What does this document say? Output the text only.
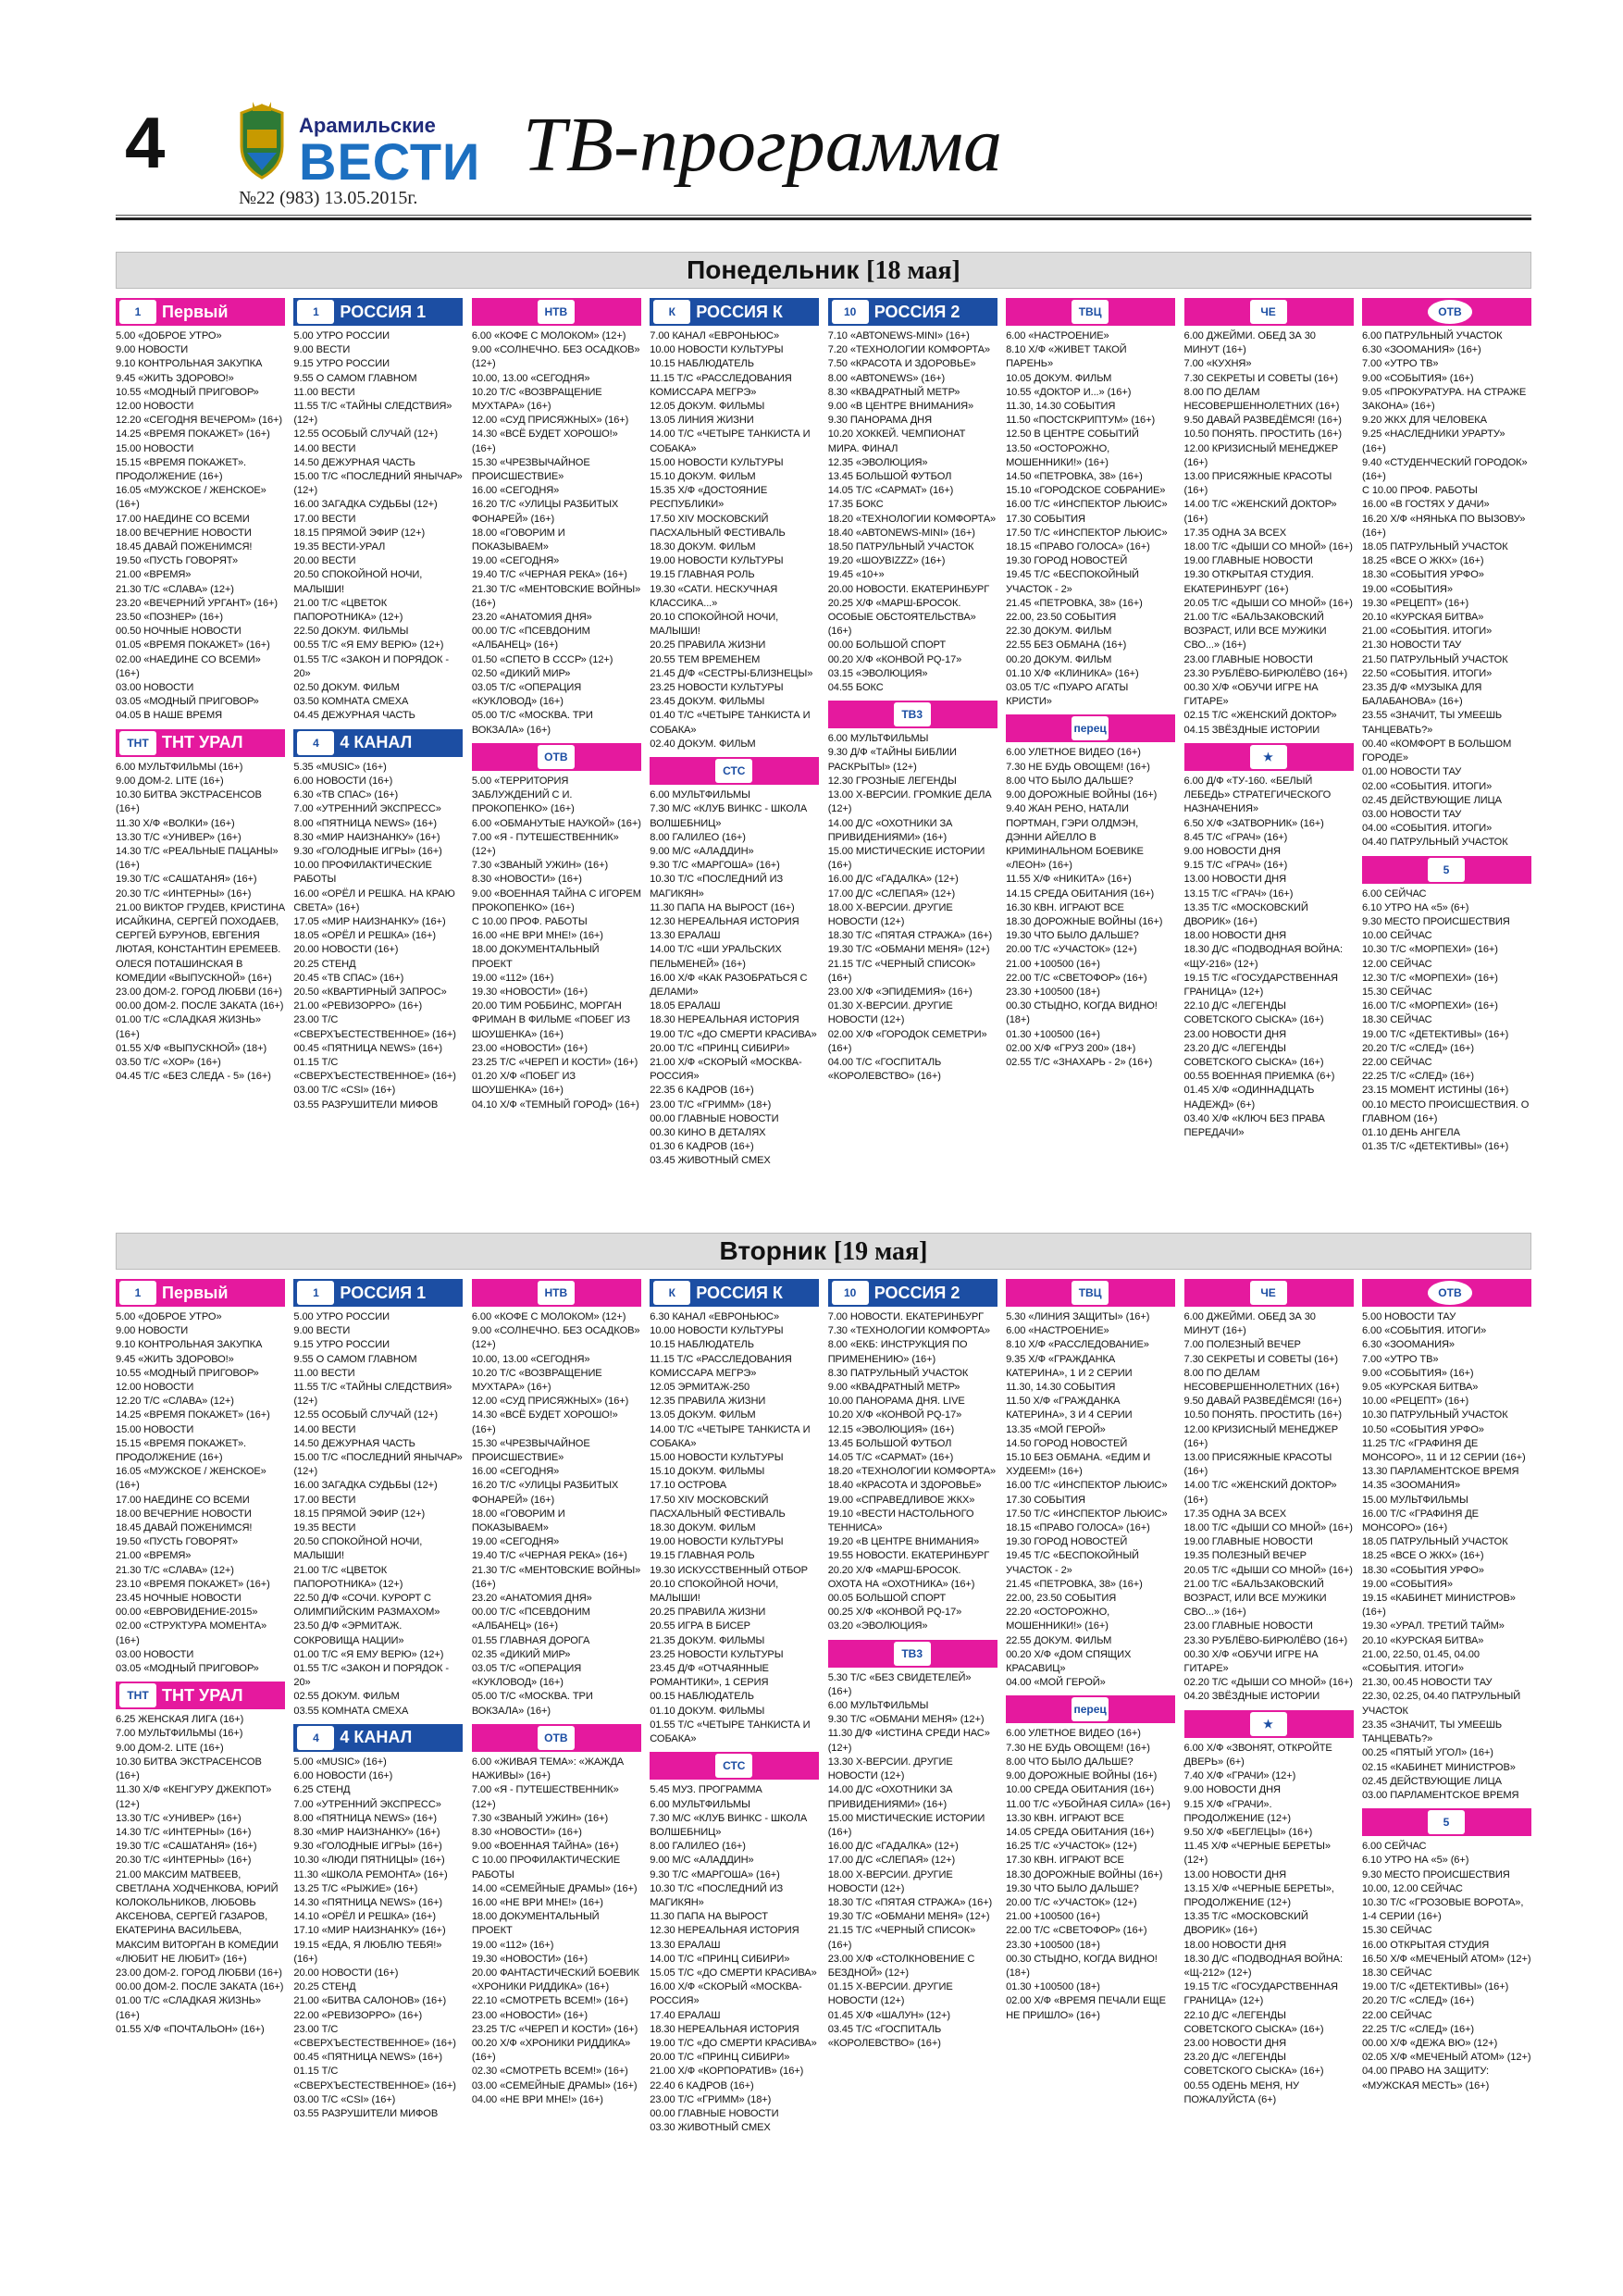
4	Арамильские
ВЕСТИ
№22 (983) 13.05.2015г.
ТВ-программа
Понедельник [18 мая]
1	Первый
5.00 «ДОБРОЕ УТРО»
9.00 НОВОСТИ
9.10 КОНТРОЛЬНАЯ ЗАКУПКА
9.45 «ЖИТЬ ЗДОРОВО!»
10.55 «МОДНЫЙ ПРИГОВОР»
12.00 НОВОСТИ
12.20 «СЕГОДНЯ ВЕЧЕРОМ» (16+)
14.25 «ВРЕМЯ ПОКАЖЕТ» (16+)
15.00 НОВОСТИ
15.15 «ВРЕМЯ ПОКАЖЕТ». ПРОДОЛЖЕНИЕ (16+)
16.05 «МУЖСКОЕ / ЖЕНСКОЕ» (16+)
17.00 НАЕДИНЕ СО ВСЕМИ
18.00 ВЕЧЕРНИЕ НОВОСТИ
18.45 ДАВАЙ ПОЖЕНИМСЯ!
19.50 «ПУСТЬ ГОВОРЯТ»
21.00 «ВРЕМЯ»
21.30 Т/С «СЛАВА» (12+)
23.20 «ВЕЧЕРНИЙ УРГАНТ» (16+)
23.50 «ПОЗНЕР» (16+)
00.50 НОЧНЫЕ НОВОСТИ
01.05 «ВРЕМЯ ПОКАЖЕТ» (16+)
02.00 «НАЕДИНЕ СО ВСЕМИ» (16+)
03.00 НОВОСТИ
03.05 «МОДНЫЙ ПРИГОВОР»
04.05 В НАШЕ ВРЕМЯ
ТНТ ТНТ УРАЛ
6.00 МУЛЬТФИЛЬМЫ (16+)
9.00 ДОМ-2. LITE (16+)
10.30 БИТВА ЭКСТРАСЕНСОВ (16+)
11.30 Х/Ф «ВОЛКИ» (16+)
13.30 Т/С «УНИВЕР» (16+)
14.30 Т/С «РЕАЛЬНЫЕ ПАЦАНЫ» (16+)
19.30 Т/С «САШАТАНЯ» (16+)
20.30 Т/С «ИНТЕРНЫ» (16+)
21.00 ВИКТОР ГРУДЕВ, КРИСТИНА ИСАЙКИНА, СЕРГЕЙ ПОХОДАЕВ, СЕРГЕЙ БУРУНОВ, ЕВГЕНИЯ ЛЮТАЯ, КОНСТАНТИН ЕРЕМЕЕВ. ОЛЕСЯ ПОТАШИНСКАЯ В КОМЕДИИ «ВЫПУСКНОЙ» (16+)
23.00 ДОМ-2. ГОРОД ЛЮБВИ (16+)
00.00 ДОМ-2. ПОСЛЕ ЗАКАТА (16+)
01.00 Т/С «СЛАДКАЯ ЖИЗНЬ» (16+)
01.55 Х/Ф «ВЫПУСКНОЙ» (18+)
03.50 Т/С «ХОР» (16+)
04.45 Т/С «БЕЗ СЛЕДА - 5» (16+)
1	РОССИЯ 1
5.00 УТРО РОССИИ
9.00 ВЕСТИ
9.15 УТРО РОССИИ
9.55 О САМОМ ГЛАВНОМ
11.00 ВЕСТИ
11.55 Т/С «ТАЙНЫ СЛЕДСТВИЯ» (12+)
12.55 ОСОБЫЙ СЛУЧАЙ (12+)
14.00 ВЕСТИ
14.50 ДЕЖУРНАЯ ЧАСТЬ
15.00 Т/С «ПОСЛЕДНИЙ ЯНЫЧАР» (12+)
16.00 ЗАГАДКА СУДЬБЫ (12+)
17.00 ВЕСТИ
18.15 ПРЯМОЙ ЭФИР (12+)
19.35 ВЕСТИ-УРАЛ
20.00 ВЕСТИ
20.50 СПОКОЙНОЙ НОЧИ, МАЛЫШИ!
21.00 Т/С «ЦВЕТОК ПАПОРОТНИКА» (12+)
22.50 ДОКУМ. ФИЛЬМЫ
00.55 Т/С «Я ЕМУ ВЕРЮ» (12+)
01.55 Т/С «ЗАКОН И ПОРЯДОК - 20»
02.50 ДОКУМ. ФИЛЬМ
03.50 КОМНАТА СМЕХА
04.45 ДЕЖУРНАЯ ЧАСТЬ
4	4 КАНАЛ
5.35 «MUSIC» (16+)
6.00 НОВОСТИ (16+)
6.30 «ТВ СПАС» (16+)
7.00 «УТРЕННИЙ ЭКСПРЕСС»
8.00 «ПЯТНИЦА NEWS» (16+)
8.30 «МИР НАИЗНАНКУ» (16+)
9.30 «ГОЛОДНЫЕ ИГРЫ» (16+)
10.00 ПРОФИЛАКТИЧЕСКИЕ РАБОТЫ
16.00 «ОРЁЛ И РЕШКА. НА КРАЮ СВЕТА» (16+)
17.05 «МИР НАИЗНАНКУ» (16+)
18.05 «ОРЁЛ И РЕШКА» (16+)
20.00 НОВОСТИ (16+)
20.25 СТЕНД
20.45 «ТВ СПАС» (16+)
20.50 «КВАРТИРНЫЙ ЗАПРОС»
21.00 «РЕВИЗОРРО» (16+)
23.00 Т/С «СВЕРХЪЕСТЕСТВЕННОЕ» (16+)
00.45 «ПЯТНИЦА NEWS» (16+)
01.15 Т/С «СВЕРХЪЕСТЕСТВЕННОЕ» (16+)
03.00 Т/С «CSI» (16+)
03.55 РАЗРУШИТЕЛИ МИФОВ
НТВ
6.00 «КОФЕ С МОЛОКОМ» (12+)
9.00 «СОЛНЕЧНО. БЕЗ ОСАДКОВ» (12+)
10.00, 13.00 «СЕГОДНЯ»
10.20 Т/С «ВОЗВРАЩЕНИЕ МУХТАРА» (16+)
12.00 «СУД ПРИСЯЖНЫХ» (16+)
14.30 «ВСЁ БУДЕТ ХОРОШО!» (16+)
15.30 «ЧРЕЗВЫЧАЙНОЕ ПРОИСШЕСТВИЕ»
16.00 «СЕГОДНЯ»
16.20 Т/С «УЛИЦЫ РАЗБИТЫХ ФОНАРЕЙ» (16+)
18.00 «ГОВОРИМ И ПОКАЗЫВАЕМ»
19.00 «СЕГОДНЯ»
19.40 Т/С «ЧЕРНАЯ РЕКА» (16+)
21.30 Т/С «МЕНТОВСКИЕ ВОЙНЫ» (16+)
23.20 «АНАТОМИЯ ДНЯ»
00.00 Т/С «ПСЕВДОНИМ «АЛБАНЕЦ» (16+)
01.50 «СПЕТО В СССР» (12+)
02.50 «ДИКИЙ МИР»
03.05 Т/С «ОПЕРАЦИЯ «КУКЛОВОД» (16+)
05.00 Т/С «МОСКВА. ТРИ ВОКЗАЛА» (16+)
ОТВ
5.00 «ТЕРРИТОРИЯ ЗАБЛУЖДЕНИЙ С И. ПРОКОПЕНКО» (16+)
6.00 «ОБМАНУТЫЕ НАУКОЙ» (16+)
7.00 «Я - ПУТЕШЕСТВЕННИК» (12+)
7.30 «ЗВАНЫЙ УЖИН» (16+)
8.30 «НОВОСТИ» (16+)
9.00 «ВОЕННАЯ ТАЙНА С ИГОРЕМ ПРОКОПЕНКО» (16+)
С 10.00 ПРОФ. РАБОТЫ
16.00 «НЕ ВРИ МНЕ!» (16+)
18.00 ДОКУМЕНТАЛЬНЫЙ ПРОЕКТ
19.00 «112» (16+)
19.30 «НОВОСТИ» (16+)
20.00 ТИМ РОББИНС, МОРГАН ФРИМАН В ФИЛЬМЕ «ПОБЕГ ИЗ ШОУШЕНКА» (16+)
23.00 «НОВОСТИ» (16+)
23.25 Т/С «ЧЕРЕП И КОСТИ» (16+)
01.20 Х/Ф «ПОБЕГ ИЗ ШОУШЕНКА» (16+)
04.10 Х/Ф «ТЕМНЫЙ ГОРОД» (16+)
К	РОССИЯ К
7.00 КАНАЛ «ЕВРОНЬЮС»
10.00 НОВОСТИ КУЛЬТУРЫ
10.15 НАБЛЮДАТЕЛЬ
11.15 Т/С «РАССЛЕДОВАНИЯ КОМИССАРА МЕГРЭ»
12.05 ДОКУМ. ФИЛЬМЫ
13.05 ЛИНИЯ ЖИЗНИ
14.00 Т/С «ЧЕТЫРЕ ТАНКИСТА И СОБАКА»
15.00 НОВОСТИ КУЛЬТУРЫ
15.10 ДОКУМ. ФИЛЬМ
15.35 Х/Ф «ДОСТОЯНИЕ РЕСПУБЛИКИ»
17.50 XIV МОСКОВСКИЙ ПАСХАЛЬНЫЙ ФЕСТИВАЛЬ
18.30 ДОКУМ. ФИЛЬМ
19.00 НОВОСТИ КУЛЬТУРЫ
19.15 ГЛАВНАЯ РОЛЬ
19.30 «САТИ. НЕСКУЧНАЯ КЛАССИКА...»
20.10 СПОКОЙНОЙ НОЧИ, МАЛЫШИ!
20.25 ПРАВИЛА ЖИЗНИ
20.55 ТЕМ ВРЕМЕНЕМ
21.45 Д/Ф «СЕСТРЫ-БЛИЗНЕЦЫ»
23.25 НОВОСТИ КУЛЬТУРЫ
23.45 ДОКУМ. ФИЛЬМЫ
01.40 Т/С «ЧЕТЫРЕ ТАНКИСТА И СОБАКА»
02.40 ДОКУМ. ФИЛЬМ
СТС
6.00 МУЛЬТФИЛЬМЫ
7.30 М/С «КЛУБ ВИНКС - ШКОЛА ВОЛШЕБНИЦ»
8.00 ГАЛИЛЕО (16+)
9.00 М/С «АЛАДДИН»
9.30 Т/С «МАРГОША» (16+)
10.30 Т/С «ПОСЛЕДНИЙ ИЗ МАГИКЯН»
11.30 ПАПА НА ВЫРОСТ (16+)
12.30 НЕРЕАЛЬНАЯ ИСТОРИЯ
13.30 ЕРАЛАШ
14.00 Т/С «ШИ УРАЛЬСКИХ ПЕЛЬМЕНЕЙ» (16+)
16.00 Х/Ф «КАК РАЗОБРАТЬСЯ С ДЕЛАМИ»
18.05 ЕРАЛАШ
18.30 НЕРЕАЛЬНАЯ ИСТОРИЯ
19.00 Т/С «ДО СМЕРТИ КРАСИВА»
20.00 Т/С «ПРИНЦ СИБИРИ»
21.00 Х/Ф «СКОРЫЙ «МОСКВА-РОССИЯ»
22.35 6 КАДРОВ (16+)
23.00 Т/С «ГРИММ» (18+)
00.00 ГЛАВНЫЕ НОВОСТИ
00.30 КИНО В ДЕТАЛЯХ
01.30 6 КАДРОВ (16+)
03.45 ЖИВОТНЫЙ СМЕХ
10	РОССИЯ 2
7.10 «AВТОNEWS-MINI» (16+)
7.20 «ТЕХНОЛОГИИ КОМФОРТА»
7.50 «КРАСОТА И ЗДОРОВЬЕ»
8.00 «AВТОNEWS» (16+)
8.30 «КВАДРАТНЫЙ МЕТР»
9.00 «В ЦЕНТРЕ ВНИМАНИЯ»
9.30 ПАНОРАМА ДНЯ
10.20 ХОККЕЙ. ЧЕМПИОНАТ МИРА. ФИНАЛ
12.35 «ЭВОЛЮЦИЯ»
13.45 БОЛЬШОЙ ФУТБОЛ
14.05 Т/С «САРМАТ» (16+)
17.35 БОКС
18.20 «ТЕХНОЛОГИИ КОМФОРТА»
18.40 «AВТОNEWS-MINI» (16+)
18.50 ПАТРУЛЬНЫЙ УЧАСТОК
19.20 «ШОУBIZZZ» (16+)
19.45 «10+»
20.00 НОВОСТИ. ЕКАТЕРИНБУРГ
20.25 Х/Ф «МАРШ-БРОСОК. ОСОБЫЕ ОБСТОЯТЕЛЬСТВА» (16+)
00.00 БОЛЬШОЙ СПОРТ
00.20 Х/Ф «КОНВОЙ PQ-17»
03.15 «ЭВОЛЮЦИЯ»
04.55 БОКС
ТВ3
6.00 МУЛЬТФИЛЬМЫ
9.30 Д/Ф «ТАЙНЫ БИБЛИИ РАСКРЫТЫ» (12+)
12.30 ГРОЗНЫЕ ЛЕГЕНДЫ
13.00 Х-ВЕРСИИ. ГРОМКИЕ ДЕЛА (12+)
14.00 Д/С «ОХОТНИКИ ЗА ПРИВИДЕНИЯМИ» (16+)
15.00 МИСТИЧЕСКИЕ ИСТОРИИ (16+)
16.00 Д/С «ГАДАЛКА» (12+)
17.00 Д/С «СЛЕПАЯ» (12+)
18.00 Х-ВЕРСИИ. ДРУГИЕ НОВОСТИ (12+)
18.30 Т/С «ПЯТАЯ СТРАЖА» (16+)
19.30 Т/С «ОБМАНИ МЕНЯ» (12+)
21.15 Т/С «ЧЕРНЫЙ СПИСОК» (16+)
23.00 Х/Ф «ЭПИДЕМИЯ» (16+)
01.30 Х-ВЕРСИИ. ДРУГИЕ НОВОСТИ (12+)
02.00 Х/Ф «ГОРОДОК СЕМЕТРИ» (16+)
04.00 Т/С «ГОСПИТАЛЬ «КОРОЛЕВСТВО» (16+)
ТВЦ
6.00 «НАСТРОЕНИЕ»
8.10 Х/Ф «ЖИВЕТ ТАКОЙ ПАРЕНЬ»
10.05 ДОКУМ. ФИЛЬМ
10.55 «ДОКТОР И...» (16+)
11.30, 14.30 СОБЫТИЯ
11.50 «ПОСТСКРИПТУМ» (16+)
12.50 В ЦЕНТРЕ СОБЫТИЙ
13.50 «ОСТОРОЖНО, МОШЕННИКИ!» (16+)
14.50 «ПЕТРОВКА, 38» (16+)
15.10 «ГОРОДСКОЕ СОБРАНИЕ»
16.00 Т/С «ИНСПЕКТОР ЛЬЮИС»
17.30 СОБЫТИЯ
17.50 Т/С «ИНСПЕКТОР ЛЬЮИС»
18.15 «ПРАВО ГОЛОСА» (16+)
19.30 ГОРОД НОВОСТЕЙ
19.45 Т/С «БЕСПОКОЙНЫЙ УЧАСТОК - 2»
21.45 «ПЕТРОВКА, 38» (16+)
22.00, 23.50 СОБЫТИЯ
22.30 ДОКУМ. ФИЛЬМ
22.55 БЕЗ ОБМАНА (16+)
00.20 ДОКУМ. ФИЛЬМ
01.10 Х/Ф «КЛИНИКА» (16+)
03.05 Т/С «ПУАРО АГАТЫ КРИСТИ»
перец
6.00 УЛЕТНОЕ ВИДЕО (16+)
7.30 НЕ БУДЬ ОВОЩЕМ! (16+)
8.00 ЧТО БЫЛО ДАЛЬШЕ?
9.00 ДОРОЖНЫЕ ВОЙНЫ (16+)
9.40 ЖАН РЕНО, НАТАЛИ ПОРТМАН, ГЭРИ ОЛДМЭН, ДЭННИ АЙЕЛЛО В КРИМИНАЛЬНОМ БОЕВИКЕ «ЛЕОН» (16+)
11.55 Х/Ф «НИКИТА» (16+)
14.15 СРЕДА ОБИТАНИЯ (16+)
16.30 КВН. ИГРАЮТ ВСЕ
18.30 ДОРОЖНЫЕ ВОЙНЫ (16+)
19.30 ЧТО БЫЛО ДАЛЬШЕ?
20.00 Т/С «УЧАСТОК» (12+)
21.00 +100500 (16+)
22.00 Т/С «СВЕТОФОР» (16+)
23.30 +100500 (18+)
00.30 СТЫДНО, КОГДА ВИДНО! (18+)
01.30 +100500 (16+)
02.00 Х/Ф «ГРУЗ 200» (18+)
02.55 Т/С «ЗНАХАРЬ - 2» (16+)
ЧЕ
6.00 ДЖЕЙМИ. ОБЕД ЗА 30 МИНУТ (16+)
7.00 «КУХНЯ»
7.30 СЕКРЕТЫ И СОВЕТЫ (16+)
8.00 ПО ДЕЛАМ НЕСОВЕРШЕННОЛЕТНИХ (16+)
9.50 ДАВАЙ РАЗВЕДЁМСЯ! (16+)
10.50 ПОНЯТЬ. ПРОСТИТЬ (16+)
12.00 КРИЗИСНЫЙ МЕНЕДЖЕР (16+)
13.00 ПРИСЯЖНЫЕ КРАСОТЫ (16+)
14.00 Т/С «ЖЕНСКИЙ ДОКТОР» (16+)
17.35 ОДНА ЗА ВСЕХ
18.00 Т/С «ДЫШИ СО МНОЙ» (16+)
19.00 ГЛАВНЫЕ НОВОСТИ
19.30 ОТКРЫТАЯ СТУДИЯ. ЕКАТЕРИНБУРГ (16+)
20.05 Т/С «ДЫШИ СО МНОЙ» (16+)
21.00 Т/С «БАЛЬЗАКОВСКИЙ ВОЗРАСТ, ИЛИ ВСЕ МУЖИКИ СВО...» (16+)
23.00 ГЛАВНЫЕ НОВОСТИ
23.30 РУБЛЁВО-БИРЮЛЁВО (16+)
00.30 Х/Ф «ОБУЧИ ИГРЕ НА ГИТАРЕ»
02.15 Т/С «ЖЕНСКИЙ ДОКТОР»
04.15 ЗВЁЗДНЫЕ ИСТОРИИ
★
6.00 Д/Ф «ТУ-160. «БЕЛЫЙ ЛЕБЕДЬ» СТРАТЕГИЧЕСКОГО НАЗНАЧЕНИЯ»
6.50 Х/Ф «ЗАТВОРНИК» (16+)
8.45 Т/С «ГРАЧ» (16+)
9.00 НОВОСТИ ДНЯ
9.15 Т/С «ГРАЧ» (16+)
13.00 НОВОСТИ ДНЯ
13.15 Т/С «ГРАЧ» (16+)
13.35 Т/С «МОСКОВСКИЙ ДВОРИК» (16+)
18.00 НОВОСТИ ДНЯ
18.30 Д/С «ПОДВОДНАЯ ВОЙНА: «ЩУ-216» (12+)
19.15 Т/С «ГОСУДАРСТВЕННАЯ ГРАНИЦА» (12+)
22.10 Д/С «ЛЕГЕНДЫ СОВЕТСКОГО СЫСКА» (16+)
23.00 НОВОСТИ ДНЯ
23.20 Д/С «ЛЕГЕНДЫ СОВЕТСКОГО СЫСКА» (16+)
00.55 ВОЕННАЯ ПРИЕМКА (6+)
01.45 Х/Ф «ОДИННАДЦАТЬ НАДЕЖД» (6+)
03.40 Х/Ф «КЛЮЧ БЕЗ ПРАВА ПЕРЕДАЧИ»
ОТВ
6.00 ПАТРУЛЬНЫЙ УЧАСТОК
6.30 «ЗООМАНИЯ» (16+)
7.00 «УТРО ТВ»
9.00 «СОБЫТИЯ» (16+)
9.05 «ПРОКУРАТУРА. НА СТРАЖЕ ЗАКОНА» (16+)
9.20 ЖКХ ДЛЯ ЧЕЛОВЕКА
9.25 «НАСЛЕДНИКИ УРАРТУ» (16+)
9.40 «СТУДЕНЧЕСКИЙ ГОРОДОК» (16+)
С 10.00 ПРОФ. РАБОТЫ
16.00 «В ГОСТЯХ У ДАЧИ»
16.20 Х/Ф «НЯНЬКА ПО ВЫЗОВУ» (16+)
18.05 ПАТРУЛЬНЫЙ УЧАСТОК
18.25 «ВСЕ О ЖКХ» (16+)
18.30 «СОБЫТИЯ УРФО»
19.00 «СОБЫТИЯ»
19.30 «РЕЦЕПТ» (16+)
20.10 «КУРСКАЯ БИТВА»
21.00 «СОБЫТИЯ. ИТОГИ»
21.30 НОВОСТИ ТАУ
21.50 ПАТРУЛЬНЫЙ УЧАСТОК
22.50 «СОБЫТИЯ. ИТОГИ»
23.35 Д/Ф «МУЗЫКА ДЛЯ БАЛАБАНОВА» (16+)
23.55 «ЗНАЧИТ, ТЫ УМЕЕШЬ ТАНЦЕВАТЬ?»
00.40 «КОМФОРТ В БОЛЬШОМ ГОРОДЕ»
01.00 НОВОСТИ ТАУ
02.00 «СОБЫТИЯ. ИТОГИ»
02.45 ДЕЙСТВУЮЩИЕ ЛИЦА
03.00 НОВОСТИ ТАУ
04.00 «СОБЫТИЯ. ИТОГИ»
04.40 ПАТРУЛЬНЫЙ УЧАСТОК
5
6.00 СЕЙЧАС
6.10 УТРО НА «5» (6+)
9.30 МЕСТО ПРОИСШЕСТВИЯ
10.00 СЕЙЧАС
10.30 Т/С «МОРПЕХИ» (16+)
12.00 СЕЙЧАС
12.30 Т/С «МОРПЕХИ» (16+)
15.30 СЕЙЧАС
16.00 Т/С «МОРПЕХИ» (16+)
18.30 СЕЙЧАС
19.00 Т/С «ДЕТЕКТИВЫ» (16+)
20.20 Т/С «СЛЕД» (16+)
22.00 СЕЙЧАС
22.25 Т/С «СЛЕД» (16+)
23.15 МОМЕНТ ИСТИНЫ (16+)
00.10 МЕСТО ПРОИСШЕСТВИЯ. О ГЛАВНОМ (16+)
01.10 ДЕНЬ АНГЕЛА
01.35 Т/С «ДЕТЕКТИВЫ» (16+)
Вторник [19 мая]
1	Первый
5.00 «ДОБРОЕ УТРО»
9.00 НОВОСТИ
9.10 КОНТРОЛЬНАЯ ЗАКУПКА
9.45 «ЖИТЬ ЗДОРОВО!»
10.55 «МОДНЫЙ ПРИГОВОР»
12.00 НОВОСТИ
12.20 Т/С «СЛАВА» (12+)
14.25 «ВРЕМЯ ПОКАЖЕТ» (16+)
15.00 НОВОСТИ
15.15 «ВРЕМЯ ПОКАЖЕТ». ПРОДОЛЖЕНИЕ (16+)
16.05 «МУЖСКОЕ / ЖЕНСКОЕ» (16+)
17.00 НАЕДИНЕ СО ВСЕМИ
18.00 ВЕЧЕРНИЕ НОВОСТИ
18.45 ДАВАЙ ПОЖЕНИМСЯ!
19.50 «ПУСТЬ ГОВОРЯТ»
21.00 «ВРЕМЯ»
21.30 Т/С «СЛАВА» (12+)
23.10 «ВРЕМЯ ПОКАЖЕТ» (16+)
23.45 НОЧНЫЕ НОВОСТИ
00.00 «ЕВРОВИДЕНИЕ-2015»
02.00 «СТРУКТУРА МОМЕНТА» (16+)
03.00 НОВОСТИ
03.05 «МОДНЫЙ ПРИГОВОР»
ТНТ ТНТ УРАЛ
6.25 ЖЕНСКАЯ ЛИГА (16+)
7.00 МУЛЬТФИЛЬМЫ (16+)
9.00 ДОМ-2. LITE (16+)
10.30 БИТВА ЭКСТРАСЕНСОВ (16+)
11.30 Х/Ф «КЕНГУРУ ДЖЕКПОТ» (12+)
13.30 Т/С «УНИВЕР» (16+)
14.30 Т/С «ИНТЕРНЫ» (16+)
19.30 Т/С «САШАТАНЯ» (16+)
20.30 Т/С «ИНТЕРНЫ» (16+)
21.00 МАКСИМ МАТВЕЕВ, СВЕТЛАНА ХОДЧЕНКОВА, ЮРИЙ КОЛОКОЛЬНИКОВ, ЛЮБОВЬ АКСЕНОВА, СЕРГЕЙ ГАЗАРОВ, ЕКАТЕРИНА ВАСИЛЬЕВА, МАКСИМ ВИТОРГАН В КОМЕДИИ «ЛЮБИТ НЕ ЛЮБИТ» (16+)
23.00 ДОМ-2. ГОРОД ЛЮБВИ (16+)
00.00 ДОМ-2. ПОСЛЕ ЗАКАТА (16+)
01.00 Т/С «СЛАДКАЯ ЖИЗНЬ» (16+)
01.55 Х/Ф «ПОЧТАЛЬОН» (16+)
1	РОССИЯ 1
5.00 УТРО РОССИИ
9.00 ВЕСТИ
9.15 УТРО РОССИИ
9.55 О САМОМ ГЛАВНОМ
11.00 ВЕСТИ
11.55 Т/С «ТАЙНЫ СЛЕДСТВИЯ» (12+)
12.55 ОСОБЫЙ СЛУЧАЙ (12+)
14.00 ВЕСТИ
14.50 ДЕЖУРНАЯ ЧАСТЬ
15.00 Т/С «ПОСЛЕДНИЙ ЯНЫЧАР» (12+)
16.00 ЗАГАДКА СУДЬБЫ (12+)
17.00 ВЕСТИ
18.15 ПРЯМОЙ ЭФИР (12+)
19.35 ВЕСТИ
20.50 СПОКОЙНОЙ НОЧИ, МАЛЫШИ!
21.00 Т/С «ЦВЕТОК ПАПОРОТНИКА» (12+)
22.50 Д/Ф «СОЧИ. КУРОРТ С ОЛИМПИЙСКИМ РАЗМАХОМ»
23.50 Д/Ф «ЭРМИТАЖ. СОКРОВИЩА НАЦИИ»
01.00 Т/С «Я ЕМУ ВЕРЮ» (12+)
01.55 Т/С «ЗАКОН И ПОРЯДОК - 20»
02.55 ДОКУМ. ФИЛЬМ
03.55 КОМНАТА СМЕХА
4	4 КАНАЛ
5.00 «MUSIC» (16+)
6.00 НОВОСТИ (16+)
6.25 СТЕНД
7.00 «УТРЕННИЙ ЭКСПРЕСС»
8.00 «ПЯТНИЦА NEWS» (16+)
8.30 «МИР НАИЗНАНКУ» (16+)
9.30 «ГОЛОДНЫЕ ИГРЫ» (16+)
10.30 «ЛЮДИ ПЯТНИЦЫ» (16+)
11.30 «ШКОЛА РЕМОНТА» (16+)
13.25 Т/С «РЫЖИЕ» (16+)
14.30 «ПЯТНИЦА NEWS» (16+)
14.10 «ОРЁЛ И РЕШКА» (16+)
17.10 «МИР НАИЗНАНКУ» (16+)
19.15 «ЕДА, Я ЛЮБЛЮ ТЕБЯ!» (16+)
20.00 НОВОСТИ (16+)
20.25 СТЕНД
21.00 «БИТВА САЛОНОВ» (16+)
22.00 «РЕВИЗОРРО» (16+)
23.00 Т/С «СВЕРХЪЕСТЕСТВЕННОЕ» (16+)
00.45 «ПЯТНИЦА NEWS» (16+)
01.15 Т/С «СВЕРХЪЕСТЕСТВЕННОЕ» (16+)
03.00 Т/С «CSI» (16+)
03.55 РАЗРУШИТЕЛИ МИФОВ
НТВ
6.00 «КОФЕ С МОЛОКОМ» (12+)
9.00 «СОЛНЕЧНО. БЕЗ ОСАДКОВ» (12+)
10.00, 13.00 «СЕГОДНЯ»
10.20 Т/С «ВОЗВРАЩЕНИЕ МУХТАРА» (16+)
12.00 «СУД ПРИСЯЖНЫХ» (16+)
14.30 «ВСЁ БУДЕТ ХОРОШО!» (16+)
15.30 «ЧРЕЗВЫЧАЙНОЕ ПРОИСШЕСТВИЕ»
16.00 «СЕГОДНЯ»
16.20 Т/С «УЛИЦЫ РАЗБИТЫХ ФОНАРЕЙ» (16+)
18.00 «ГОВОРИМ И ПОКАЗЫВАЕМ»
19.00 «СЕГОДНЯ»
19.40 Т/С «ЧЕРНАЯ РЕКА» (16+)
21.30 Т/С «МЕНТОВСКИЕ ВОЙНЫ» (16+)
23.20 «АНАТОМИЯ ДНЯ»
00.00 Т/С «ПСЕВДОНИМ «АЛБАНЕЦ» (16+)
01.55 ГЛАВНАЯ ДОРОГА
02.35 «ДИКИЙ МИР»
03.05 Т/С «ОПЕРАЦИЯ «КУКЛОВОД» (16+)
05.00 Т/С «МОСКВА. ТРИ ВОКЗАЛА» (16+)
ОТВ
6.00 «ЖИВАЯ ТЕМА»: «ЖАЖДА НАЖИВЫ» (16+)
7.00 «Я - ПУТЕШЕСТВЕННИК» (12+)
7.30 «ЗВАНЫЙ УЖИН» (16+)
8.30 «НОВОСТИ» (16+)
9.00 «ВОЕННАЯ ТАЙНА» (16+)
С 10.00 ПРОФИЛАКТИЧЕСКИЕ РАБОТЫ
14.00 «СЕМЕЙНЫЕ ДРАМЫ» (16+)
16.00 «НЕ ВРИ МНЕ!» (16+)
18.00 ДОКУМЕНТАЛЬНЫЙ ПРОЕКТ
19.00 «112» (16+)
19.30 «НОВОСТИ» (16+)
20.00 ФАНТАСТИЧЕСКИЙ БОЕВИК «ХРОНИКИ РИДДИКА» (16+)
22.10 «СМОТРЕТЬ ВСЕМ!» (16+)
23.00 «НОВОСТИ» (16+)
23.25 Т/С «ЧЕРЕП И КОСТИ» (16+)
00.20 Х/Ф «ХРОНИКИ РИДДИКА» (16+)
02.30 «СМОТРЕТЬ ВСЕМ!» (16+)
03.00 «СЕМЕЙНЫЕ ДРАМЫ» (16+)
04.00 «НЕ ВРИ МНЕ!» (16+)
К	РОССИЯ К
6.30 КАНАЛ «ЕВРОНЬЮС»
10.00 НОВОСТИ КУЛЬТУРЫ
10.15 НАБЛЮДАТЕЛЬ
11.15 Т/С «РАССЛЕДОВАНИЯ КОМИССАРА МЕГРЭ»
12.05 ЭРМИТАЖ-250
12.35 ПРАВИЛА ЖИЗНИ
13.05 ДОКУМ. ФИЛЬМ
14.00 Т/С «ЧЕТЫРЕ ТАНКИСТА И СОБАКА»
15.00 НОВОСТИ КУЛЬТУРЫ
15.10 ДОКУМ. ФИЛЬМЫ
17.10 ОСТРОВА
17.50 XIV МОСКОВСКИЙ ПАСХАЛЬНЫЙ ФЕСТИВАЛЬ
18.30 ДОКУМ. ФИЛЬМ
19.00 НОВОСТИ КУЛЬТУРЫ
19.15 ГЛАВНАЯ РОЛЬ
19.30 ИСКУССТВЕННЫЙ ОТБОР
20.10 СПОКОЙНОЙ НОЧИ, МАЛЫШИ!
20.25 ПРАВИЛА ЖИЗНИ
20.55 ИГРА В БИСЕР
21.35 ДОКУМ. ФИЛЬМЫ
23.25 НОВОСТИ КУЛЬТУРЫ
23.45 Д/Ф «ОТЧАЯННЫЕ РОМАНТИКИ», 1 СЕРИЯ
00.15 НАБЛЮДАТЕЛЬ
01.10 ДОКУМ. ФИЛЬМЫ
01.55 Т/С «ЧЕТЫРЕ ТАНКИСТА И СОБАКА»
СТС
5.45 МУЗ. ПРОГРАММА
6.00 МУЛЬТФИЛЬМЫ
7.30 М/С «КЛУБ ВИНКС - ШКОЛА ВОЛШЕБНИЦ»
8.00 ГАЛИЛЕО (16+)
9.00 М/С «АЛАДДИН»
9.30 Т/С «МАРГОША» (16+)
10.30 Т/С «ПОСЛЕДНИЙ ИЗ МАГИКЯН»
11.30 ПАПА НА ВЫРОСТ
12.30 НЕРЕАЛЬНАЯ ИСТОРИЯ
13.30 ЕРАЛАШ
14.00 Т/С «ПРИНЦ СИБИРИ»
15.05 Т/С «ДО СМЕРТИ КРАСИВА»
16.00 Х/Ф «СКОРЫЙ «МОСКВА-РОССИЯ»
17.40 ЕРАЛАШ
18.30 НЕРЕАЛЬНАЯ ИСТОРИЯ
19.00 Т/С «ДО СМЕРТИ КРАСИВА»
20.00 Т/С «ПРИНЦ СИБИРИ»
21.00 Х/Ф «КОРПОРАТИВ» (16+)
22.40 6 КАДРОВ (16+)
23.00 Т/С «ГРИММ» (18+)
00.00 ГЛАВНЫЕ НОВОСТИ
03.30 ЖИВОТНЫЙ СМЕХ
10	РОССИЯ 2
7.00 НОВОСТИ. ЕКАТЕРИНБУРГ
7.30 «ТЕХНОЛОГИИ КОМФОРТА»
8.00 «ЕКБ: ИНСТРУКЦИЯ ПО ПРИМЕНЕНИЮ» (16+)
8.30 ПАТРУЛЬНЫЙ УЧАСТОК
9.00 «КВАДРАТНЫЙ МЕТР»
10.00 ПАНОРАМА ДНЯ. LIVE
10.20 Х/Ф «КОНВОЙ PQ-17»
12.15 «ЭВОЛЮЦИЯ» (16+)
13.45 БОЛЬШОЙ ФУТБОЛ
14.05 Т/С «САРМАТ» (16+)
18.20 «ТЕХНОЛОГИИ КОМФОРТА»
18.40 «КРАСОТА И ЗДОРОВЬЕ»
19.00 «СПРАВЕДЛИВОЕ ЖКХ»
19.10 «ВЕСТИ НАСТОЛЬНОГО ТЕННИСА»
19.20 «В ЦЕНТРЕ ВНИМАНИЯ»
19.55 НОВОСТИ. ЕКАТЕРИНБУРГ
20.20 Х/Ф «МАРШ-БРОСОК. ОХОТА НА «ОХОТНИКА» (16+)
00.05 БОЛЬШОЙ СПОРТ
00.25 Х/Ф «КОНВОЙ PQ-17»
03.20 «ЭВОЛЮЦИЯ»
ТВ3
5.30 Т/С «БЕЗ СВИДЕТЕЛЕЙ» (16+)
6.00 МУЛЬТФИЛЬМЫ
9.30 Т/С «ОБМАНИ МЕНЯ» (12+)
11.30 Д/Ф «ИСТИНА СРЕДИ НАС» (12+)
13.30 Х-ВЕРСИИ. ДРУГИЕ НОВОСТИ (12+)
14.00 Д/С «ОХОТНИКИ ЗА ПРИВИДЕНИЯМИ» (16+)
15.00 МИСТИЧЕСКИЕ ИСТОРИИ (16+)
16.00 Д/С «ГАДАЛКА» (12+)
17.00 Д/С «СЛЕПАЯ» (12+)
18.00 Х-ВЕРСИИ. ДРУГИЕ НОВОСТИ (12+)
18.30 Т/С «ПЯТАЯ СТРАЖА» (16+)
19.30 Т/С «ОБМАНИ МЕНЯ» (12+)
21.15 Т/С «ЧЕРНЫЙ СПИСОК» (16+)
23.00 Х/Ф «СТОЛКНОВЕНИЕ С БЕЗДНОЙ» (12+)
01.15 Х-ВЕРСИИ. ДРУГИЕ НОВОСТИ (12+)
01.45 Х/Ф «ШАЛУН» (12+)
03.45 Т/С «ГОСПИТАЛЬ «КОРОЛЕВСТВО» (16+)
ТВЦ
5.30 «ЛИНИЯ ЗАЩИТЫ» (16+)
6.00 «НАСТРОЕНИЕ»
8.10 Х/Ф «РАССЛЕДОВАНИЕ»
9.35 Х/Ф «ГРАЖДАНКА КАТЕРИНА», 1 И 2 СЕРИИ
11.30, 14.30 СОБЫТИЯ
11.50 Х/Ф «ГРАЖДАНКА КАТЕРИНА», 3 И 4 СЕРИИ
13.35 «МОЙ ГЕРОЙ»
14.50 ГОРОД НОВОСТЕЙ
15.10 БЕЗ ОБМАНА. «ЕДИМ И ХУДЕЕМ!» (16+)
16.00 Т/С «ИНСПЕКТОР ЛЬЮИС»
17.30 СОБЫТИЯ
17.50 Т/С «ИНСПЕКТОР ЛЬЮИС»
18.15 «ПРАВО ГОЛОСА» (16+)
19.30 ГОРОД НОВОСТЕЙ
19.45 Т/С «БЕСПОКОЙНЫЙ УЧАСТОК - 2»
21.45 «ПЕТРОВКА, 38» (16+)
22.00, 23.50 СОБЫТИЯ
22.20 «ОСТОРОЖНО, МОШЕННИКИ!» (16+)
22.55 ДОКУМ. ФИЛЬМ
00.20 Х/Ф «ДОМ СПЯЩИХ КРАСАВИЦ»
04.00 «МОЙ ГЕРОЙ»
перец
6.00 УЛЕТНОЕ ВИДЕО (16+)
7.30 НЕ БУДЬ ОВОЩЕМ! (16+)
8.00 ЧТО БЫЛО ДАЛЬШЕ?
9.00 ДОРОЖНЫЕ ВОЙНЫ (16+)
10.00 СРЕДА ОБИТАНИЯ (16+)
11.00 Т/С «УБОЙНАЯ СИЛА» (16+)
13.30 КВН. ИГРАЮТ ВСЕ
14.05 СРЕДА ОБИТАНИЯ (16+)
16.25 Т/С «УЧАСТОК» (12+)
17.30 КВН. ИГРАЮТ ВСЕ
18.30 ДОРОЖНЫЕ ВОЙНЫ (16+)
19.30 ЧТО БЫЛО ДАЛЬШЕ?
20.00 Т/С «УЧАСТОК» (12+)
21.00 +100500 (16+)
22.00 Т/С «СВЕТОФОР» (16+)
23.30 +100500 (18+)
00.30 СТЫДНО, КОГДА ВИДНО! (18+)
01.30 +100500 (18+)
02.00 Х/Ф «ВРЕМЯ ПЕЧАЛИ ЕЩЕ НЕ ПРИШЛО» (16+)
ЧЕ
6.00 ДЖЕЙМИ. ОБЕД ЗА 30 МИНУТ (16+)
7.00 ПОЛЕЗНЫЙ ВЕЧЕР
7.30 СЕКРЕТЫ И СОВЕТЫ (16+)
8.00 ПО ДЕЛАМ НЕСОВЕРШЕННОЛЕТНИХ (16+)
9.50 ДАВАЙ РАЗВЕДЁМСЯ! (16+)
10.50 ПОНЯТЬ. ПРОСТИТЬ (16+)
12.00 КРИЗИСНЫЙ МЕНЕДЖЕР (16+)
13.00 ПРИСЯЖНЫЕ КРАСОТЫ (16+)
14.00 Т/С «ЖЕНСКИЙ ДОКТОР» (16+)
17.35 ОДНА ЗА ВСЕХ
18.00 Т/С «ДЫШИ СО МНОЙ» (16+)
19.00 ГЛАВНЫЕ НОВОСТИ
19.35 ПОЛЕЗНЫЙ ВЕЧЕР
20.05 Т/С «ДЫШИ СО МНОЙ» (16+)
21.00 Т/С «БАЛЬЗАКОВСКИЙ ВОЗРАСТ, ИЛИ ВСЕ МУЖИКИ СВО...» (16+)
23.00 ГЛАВНЫЕ НОВОСТИ
23.30 РУБЛЁВО-БИРЮЛЁВО (16+)
00.30 Х/Ф «ОБУЧИ ИГРЕ НА ГИТАРЕ»
02.20 Т/С «ДЫШИ СО МНОЙ» (16+)
04.20 ЗВЁЗДНЫЕ ИСТОРИИ
★
6.00 Х/Ф «ЗВОНЯТ, ОТКРОЙТЕ ДВЕРЬ» (6+)
7.40 Х/Ф «ГРАЧИ» (12+)
9.00 НОВОСТИ ДНЯ
9.15 Х/Ф «ГРАЧИ». ПРОДОЛЖЕНИЕ (12+)
9.50 Х/Ф «БЕГЛЕЦЫ» (16+)
11.45 Х/Ф «ЧЕРНЫЕ БЕРЕТЫ» (12+)
13.00 НОВОСТИ ДНЯ
13.15 Х/Ф «ЧЕРНЫЕ БЕРЕТЫ», ПРОДОЛЖЕНИЕ (12+)
13.35 Т/С «МОСКОВСКИЙ ДВОРИК» (16+)
18.00 НОВОСТИ ДНЯ
18.30 Д/С «ПОДВОДНАЯ ВОЙНА: «Щ-212» (12+)
19.15 Т/С «ГОСУДАРСТВЕННАЯ ГРАНИЦА» (12+)
22.10 Д/С «ЛЕГЕНДЫ СОВЕТСКОГО СЫСКА» (16+)
23.00 НОВОСТИ ДНЯ
23.20 Д/С «ЛЕГЕНДЫ СОВЕТСКОГО СЫСКА» (16+)
00.55 ОДЕНЬ МЕНЯ, НУ ПОЖАЛУЙСТА (6+)
ОТВ
5.00 НОВОСТИ ТАУ
6.00 «СОБЫТИЯ. ИТОГИ»
6.30 «ЗООМАНИЯ»
7.00 «УТРО ТВ»
9.00 «СОБЫТИЯ» (16+)
9.05 «КУРСКАЯ БИТВА»
10.00 «РЕЦЕПТ» (16+)
10.30 ПАТРУЛЬНЫЙ УЧАСТОК
10.50 «СОБЫТИЯ УРФО»
11.25 Т/С «ГРАФИНЯ ДЕ МОНСОРО», 11 И 12 СЕРИИ (16+)
13.30 ПАРЛАМЕНТСКОЕ ВРЕМЯ
14.35 «ЗООМАНИЯ»
15.00 МУЛЬТФИЛЬМЫ
16.00 Т/С «ГРАФИНЯ ДЕ МОНСОРО» (16+)
18.05 ПАТРУЛЬНЫЙ УЧАСТОК
18.25 «ВСЕ О ЖКХ» (16+)
18.30 «СОБЫТИЯ УРФО»
19.00 «СОБЫТИЯ»
19.15 «КАБИНЕТ МИНИСТРОВ» (16+)
19.30 «УРАЛ. ТРЕТИЙ ТАЙМ»
20.10 «КУРСКАЯ БИТВА»
21.00, 22.50, 01.45, 04.00 «СОБЫТИЯ. ИТОГИ»
21.30, 00.45 НОВОСТИ ТАУ
22.30, 02.25, 04.40 ПАТРУЛЬНЫЙ УЧАСТОК
23.35 «ЗНАЧИТ, ТЫ УМЕЕШЬ ТАНЦЕВАТЬ?»
00.25 «ПЯТЫЙ УГОЛ» (16+)
02.15 «КАБИНЕТ МИНИСТРОВ»
02.45 ДЕЙСТВУЮЩИЕ ЛИЦА
03.00 ПАРЛАМЕНТСКОЕ ВРЕМЯ
5
6.00 СЕЙЧАС
6.10 УТРО НА «5» (6+)
9.30 МЕСТО ПРОИСШЕСТВИЯ
10.00, 12.00 СЕЙЧАС
10.30 Т/С «ГРОЗОВЫЕ ВОРОТА», 1-4 СЕРИИ (16+)
15.30 СЕЙЧАС
16.00 ОТКРЫТАЯ СТУДИЯ
16.50 Х/Ф «МЕЧЕНЫЙ АТОМ» (12+)
18.30 СЕЙЧАС
19.00 Т/С «ДЕТЕКТИВЫ» (16+)
20.20 Т/С «СЛЕД» (16+)
22.00 СЕЙЧАС
22.25 Т/С «СЛЕД» (16+)
00.00 Х/Ф «ДЕЖА ВЮ» (12+)
02.05 Х/Ф «МЕЧЕНЫЙ АТОМ» (12+)
04.00 ПРАВО НА ЗАЩИТУ: «МУЖСКАЯ МЕСТЬ» (16+)
